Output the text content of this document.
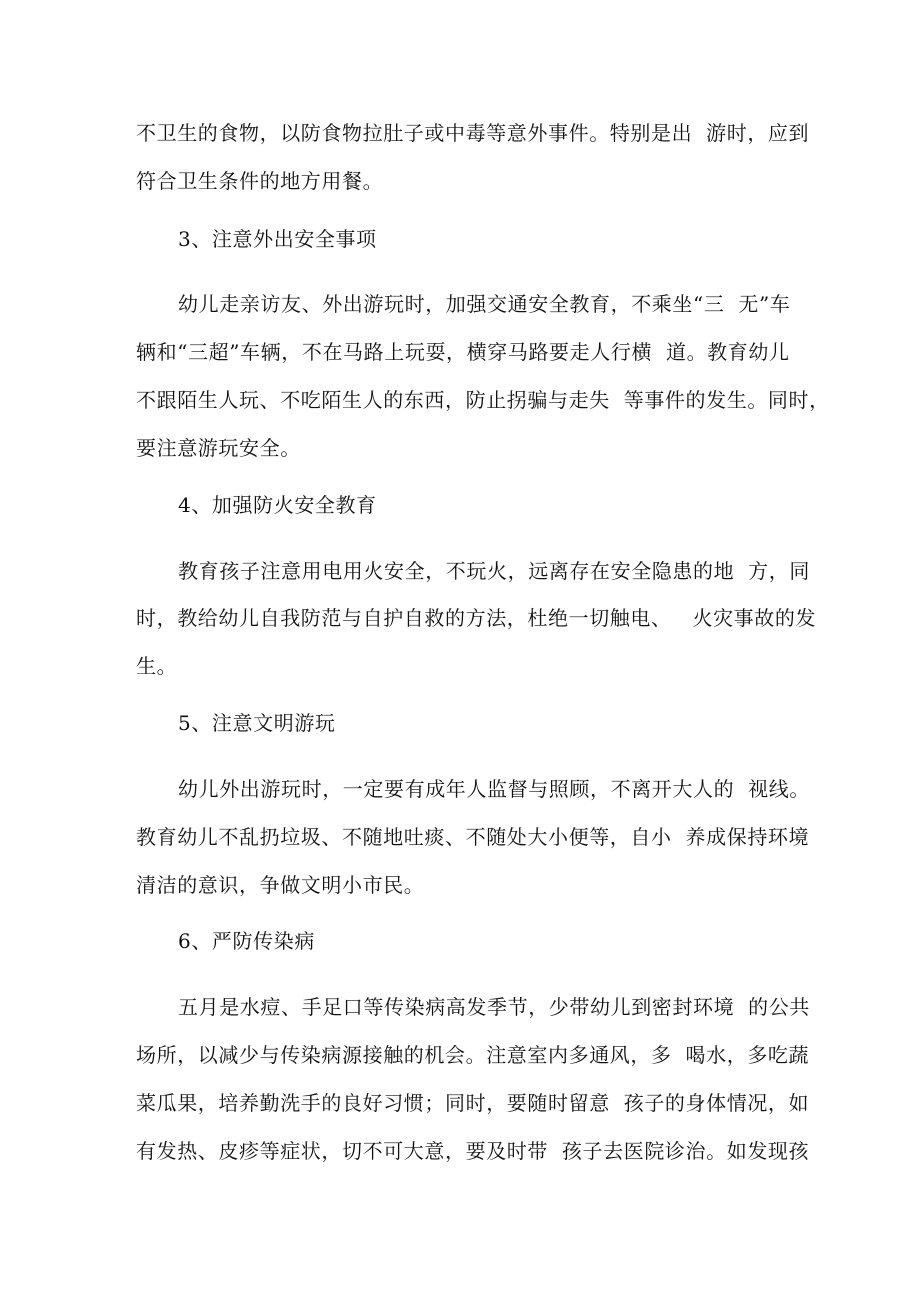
不卫生的食物，以防食物拉肚子或中毒等意外事件。特别是出  游时，应到
符合卫生条件的地方用餐。
3、注意外出安全事项
幼儿走亲访友、外出游玩时，加强交通安全教育，不乘坐“三  无”车
辆和“三超”车辆，不在马路上玩耍，横穿马路要走人行横  道。教育幼儿
不跟陌生人玩、不吃陌生人的东西，防止拐骗与走失  等事件的发生。同时，
要注意游玩安全。
4、加强防火安全教育
教育孩子注意用电用火安全，不玩火，远离存在安全隐患的地  方，同
时，教给幼儿自我防范与自护自救的方法，杜绝一切触电、   火灾事故的发
生。
5、注意文明游玩
幼儿外出游玩时，一定要有成年人监督与照顾，不离开大人的  视线。
教育幼儿不乱扔垃圾、不随地吐痰、不随处大小便等，自小  养成保持环境
清洁的意识，争做文明小市民。
6、严防传染病
五月是水痘、手足口等传染病高发季节，少带幼儿到密封环境  的公共
场所，以减少与传染病源接触的机会。注意室内多通风，多  喝水，多吃蔬
菜瓜果，培养勤洗手的良好习惯；同时，要随时留意  孩子的身体情况，如
有发热、皮疹等症状，切不可大意，要及时带  孩子去医院诊治。如发现孩
